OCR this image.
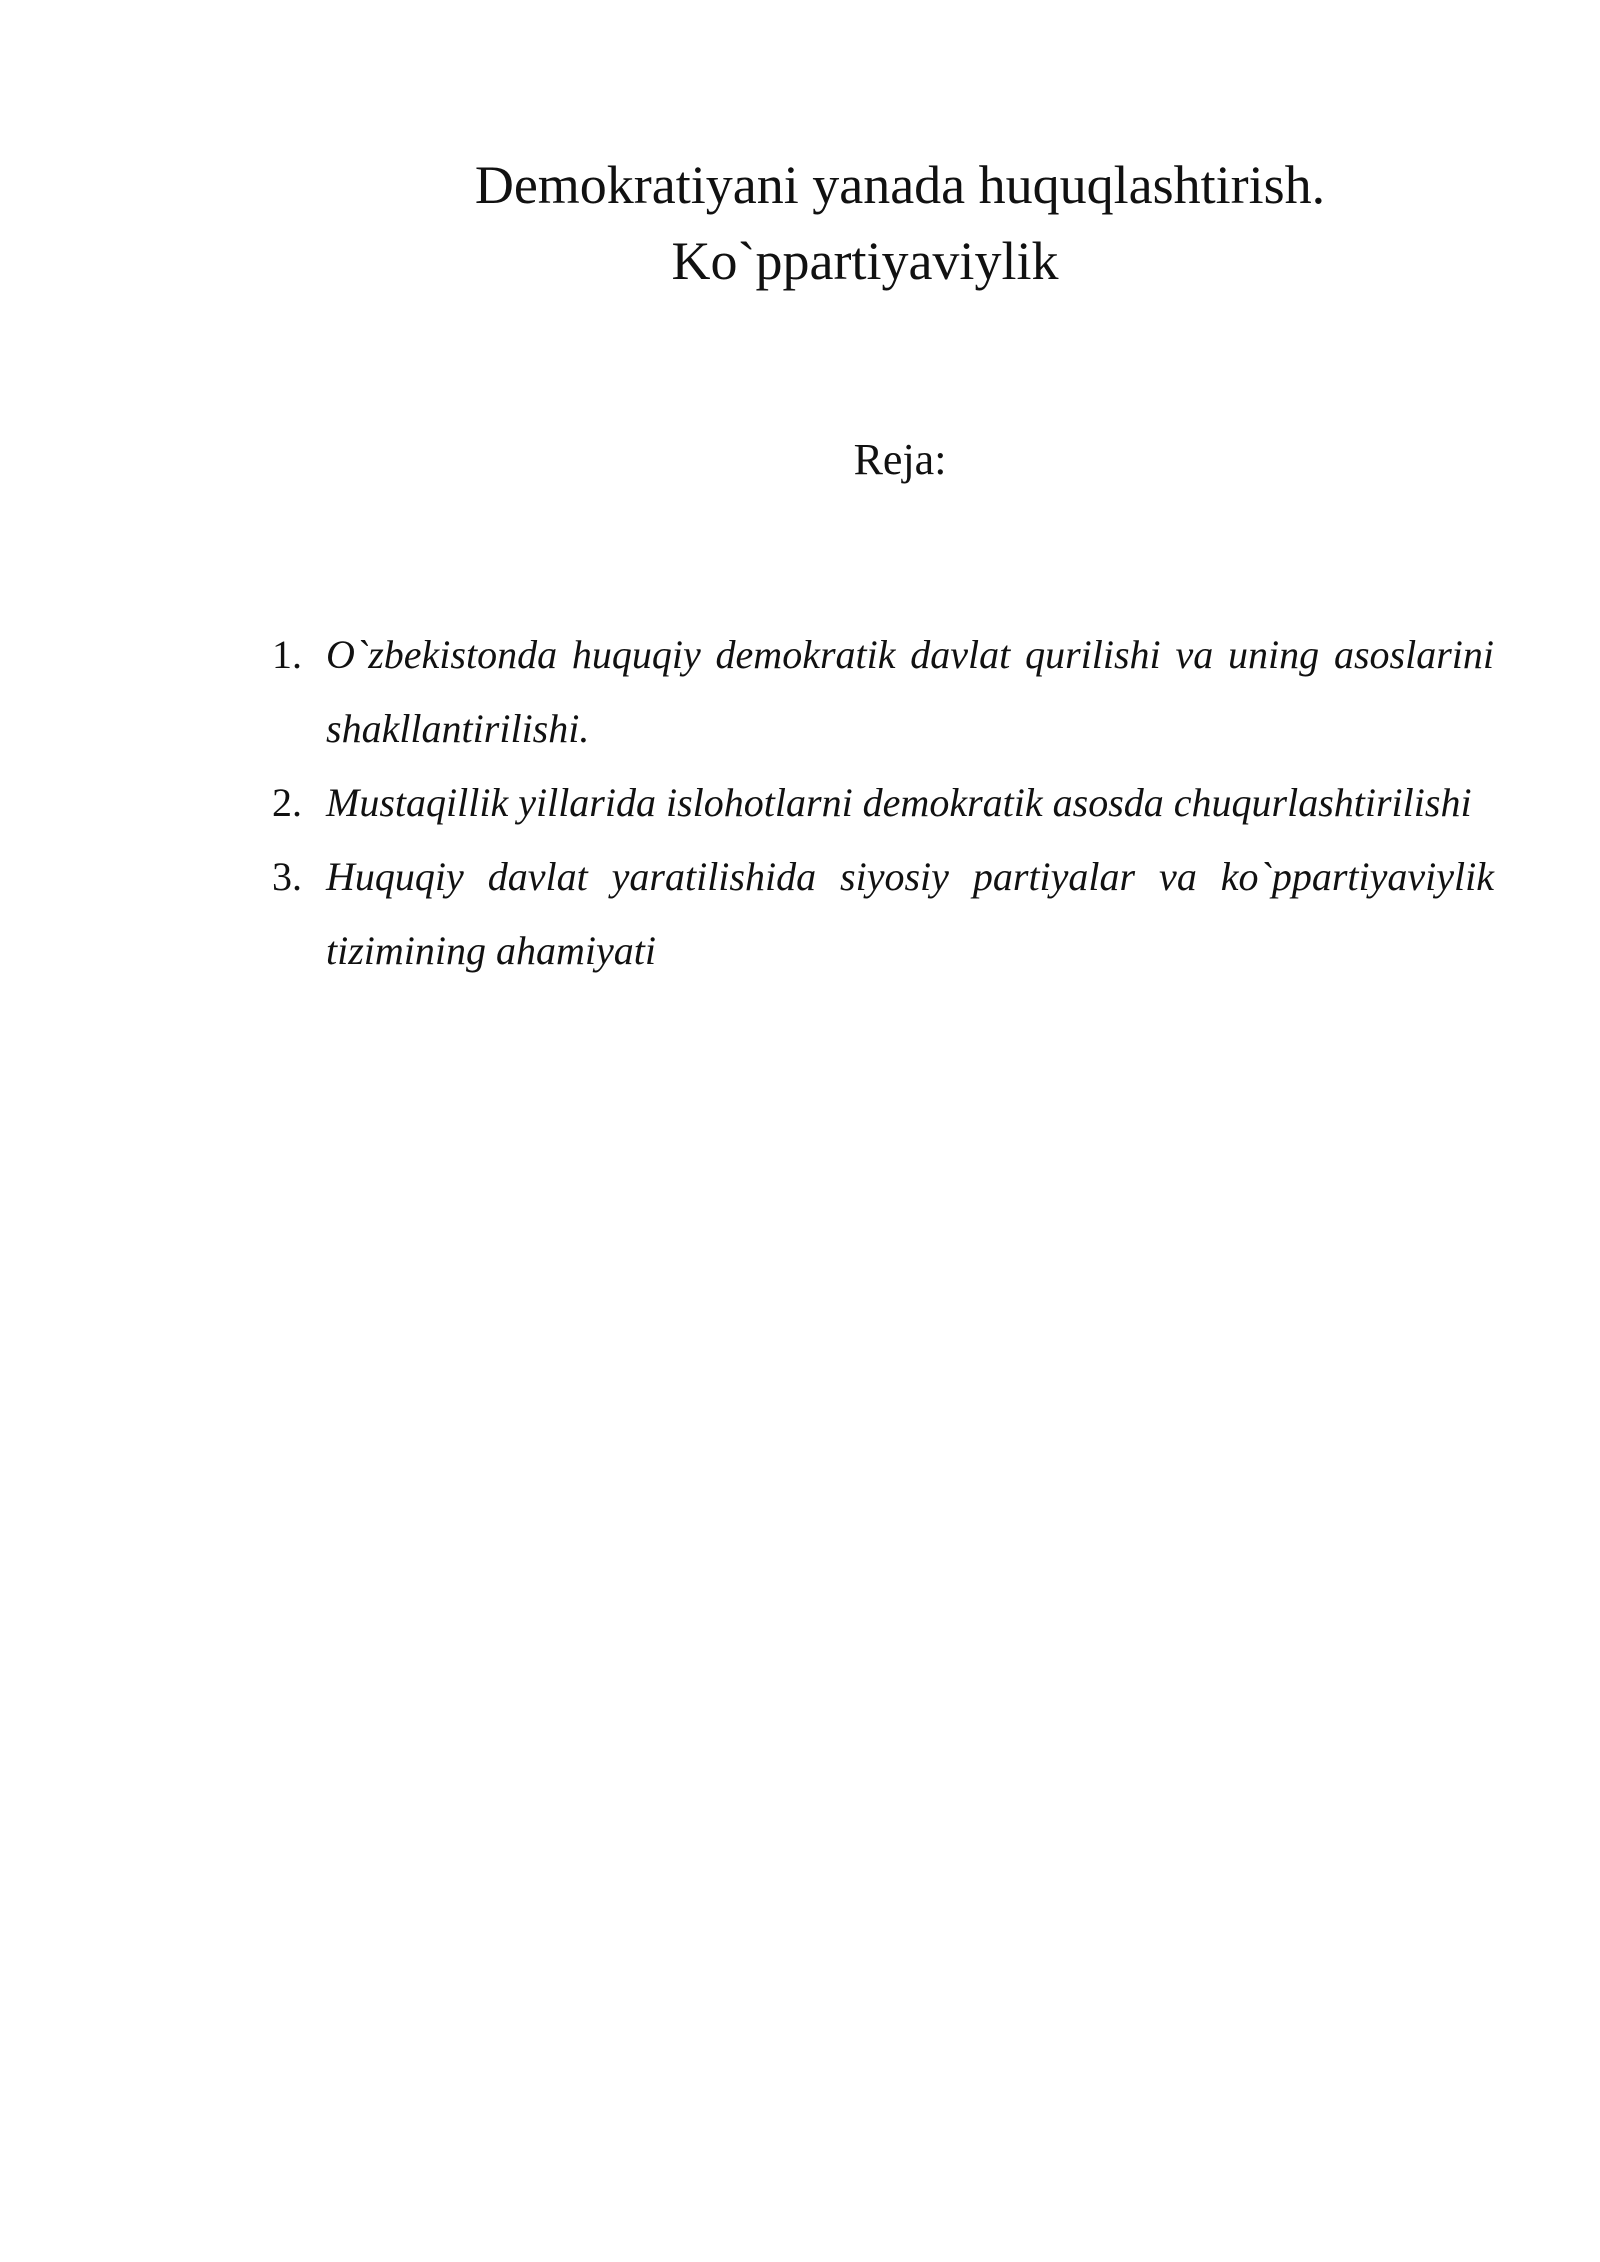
Demokratiyani yanada huquqlashtirish.
Ko`ppartiyaviylik
Reja:
1. O`zbekistonda huquqiy demokratik davlat qurilishi va uning asoslarini shakllantirilishi.
2. Mustaqillik yillarida islohotlarni demokratik asosda chuqurlashtirilishi
3. Huquqiy davlat yaratilishida siyosiy partiyalar va ko`ppartiyaviylik tizimining ahamiyati
